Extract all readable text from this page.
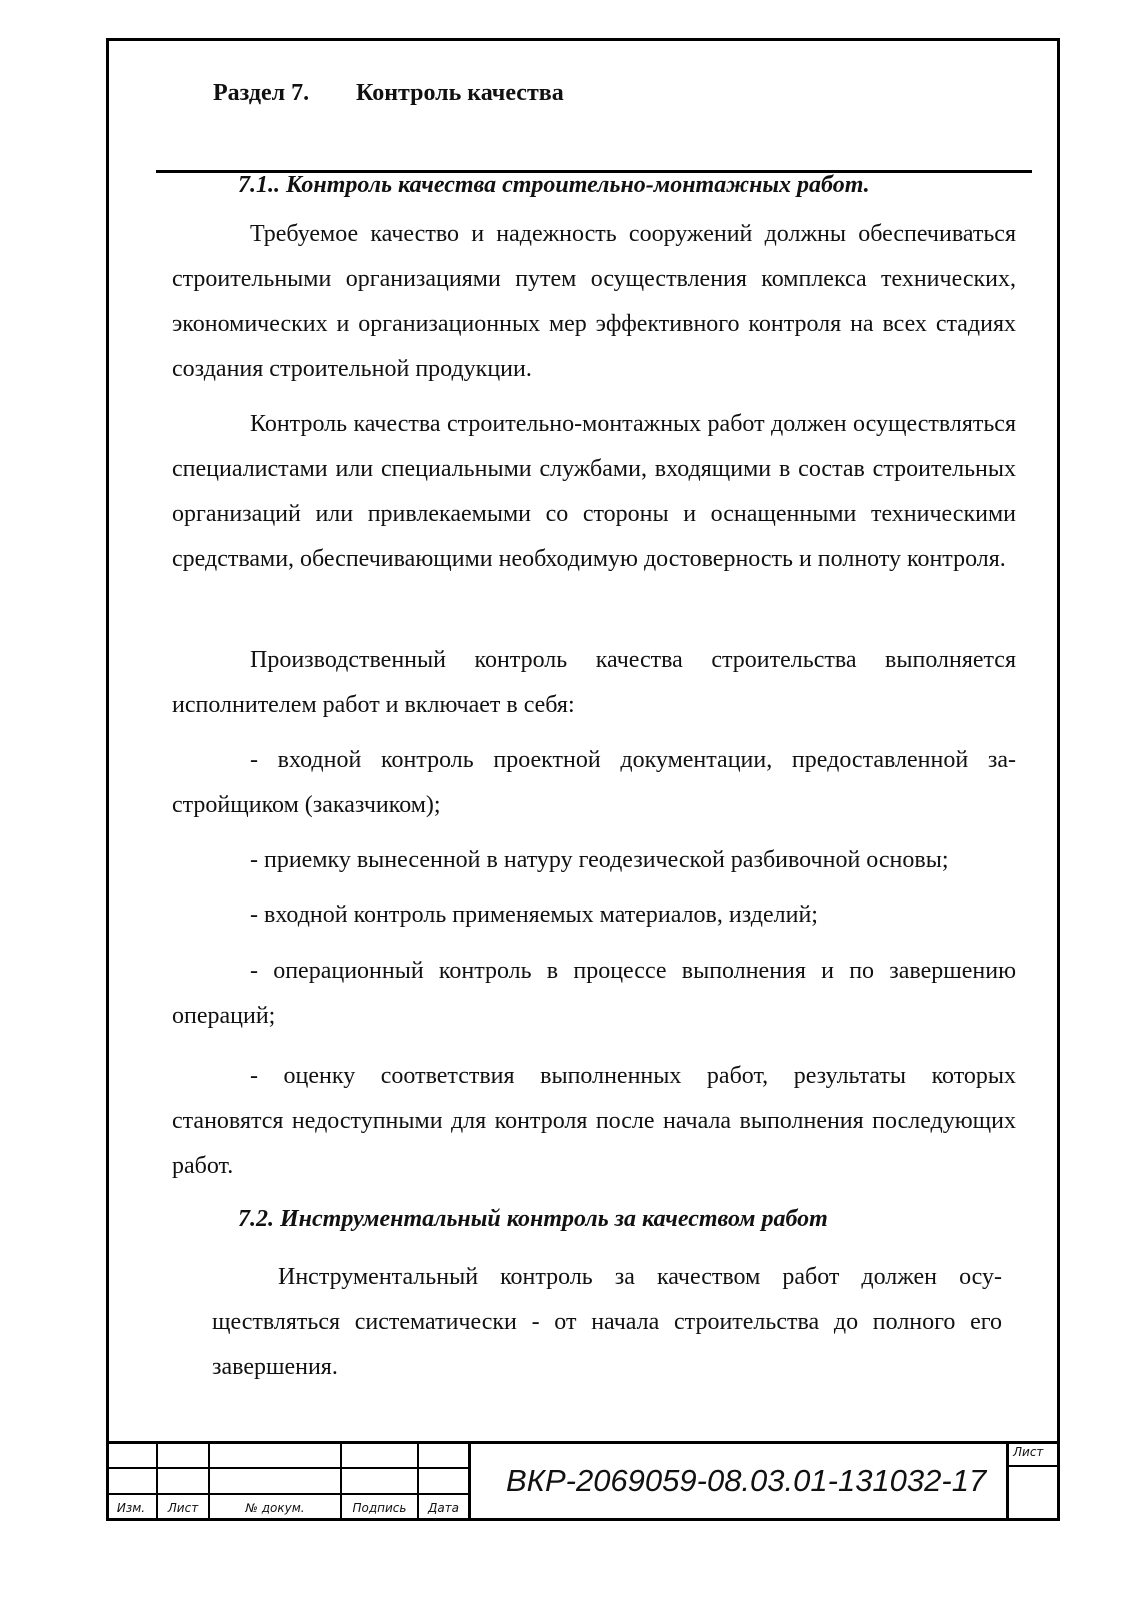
Раздел 7. Контроль качества
7.1.. Контроль качества строительно-монтажных работ.

Требуемое качество и надежность сооружений должны обеспечиваться строительными организациями путем осуществления комплекса технических, экономических и организационных мер эффективного контроля на всех стадиях создания строительной продукции.

Контроль качества строительно-монтажных работ должен осуществляться специалистами или специальными службами, входящими в состав строительных организаций или привлекаемыми со стороны и оснащенными техническими средствами, обеспечивающими необходимую достоверность и полноту контроля.

Производственный контроль качества строительства выполняется исполнителем работ и включает в себя:

- входной контроль проектной документации, предоставленной застройщиком (заказчиком);

- приемку вынесенной в натуру геодезической разбивочной основы;

- входной контроль применяемых материалов, изделий;

- операционный контроль в процессе выполнения и по завершению операций;

- оценку соответствия выполненных работ, результаты которых становятся недоступными для контроля после начала выполнения последующих работ.

7.2. Инструментальный контроль за качеством работ

Инструментальный контроль за качеством работ должен осуществляться систематически - от начала строительства до полного его завершения.

Изм.	Лист	№ докум.	Подпись	Дата
ВКР-2069059-08.03.01-131032-17
Лист
